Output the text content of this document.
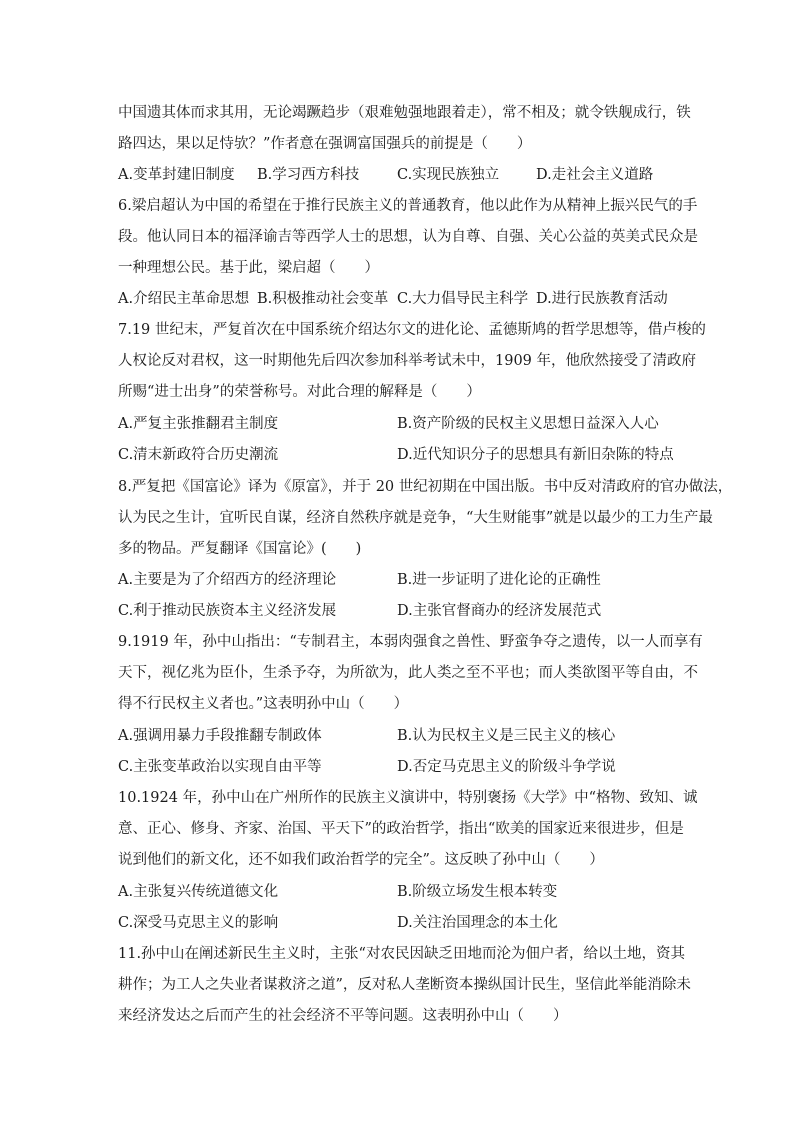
中国遗其体而求其用，无论竭蹶趋步（艰难勉强地跟着走），常不相及；就令铁舰成行，铁
路四达，果以足恃欤？”作者意在强调富国强兵的前提是（　　）
A.变革封建旧制度 B.学习西方科技	C.实现民族独立	D.走社会主义道路
6.梁启超认为中国的希望在于推行民族主义的普通教育，他以此作为从精神上振兴民气的手
段。他认同日本的福泽谕吉等西学人士的思想，认为自尊、自强、关心公益的英美式民众是
一种理想公民。基于此，梁启超（　　）
A.介绍民主革命思想 B.积极推动社会变革 C.大力倡导民主科学 D.进行民族教育活动
7.19 世纪末，严复首次在中国系统介绍达尔文的进化论、孟德斯鸠的哲学思想等，借卢梭的
人权论反对君权，这一时期他先后四次参加科举考试未中，1909 年，他欣然接受了清政府
所赐“进士出身”的荣誉称号。对此合理的解释是（　　）
A.严复主张推翻君主制度	B.资产阶级的民权主义思想日益深入人心
C.清末新政符合历史潮流	D.近代知识分子的思想具有新旧杂陈的特点
8.严复把《国富论》译为《原富》，并于 20 世纪初期在中国出版。书中反对清政府的官办做法，
认为民之生计，宜听民自谋，经济自然秩序就是竞争，“大生财能事”就是以最少的工力生产最
多的物品。严复翻译《国富论》(　　)
A.主要是为了介绍西方的经济理论	B.进一步证明了进化论的正确性
C.利于推动民族资本主义经济发展	D.主张官督商办的经济发展范式
9.1919 年，孙中山指出：“专制君主，本弱肉强食之兽性、野蛮争夺之遗传，以一人而享有
天下，视亿兆为臣仆，生杀予夺，为所欲为，此人类之至不平也；而人类欲图平等自由，不
得不行民权主义者也。”这表明孙中山（　　）
A.强调用暴力手段推翻专制政体	B.认为民权主义是三民主义的核心
C.主张变革政治以实现自由平等	D.否定马克思主义的阶级斗争学说
10.1924 年，孙中山在广州所作的民族主义演讲中，特别褒扬《大学》中“格物、致知、诚
意、正心、修身、齐家、治国、平天下”的政治哲学，指出“欧美的国家近来很进步，但是
说到他们的新文化，还不如我们政治哲学的完全”。这反映了孙中山（　　）
A.主张复兴传统道德文化	B.阶级立场发生根本转变
C.深受马克思主义的影响	D.关注治国理念的本土化
11.孙中山在阐述新民生主义时，主张“对农民因缺乏田地而沦为佃户者，给以土地，资其
耕作；为工人之失业者谋救济之道”，反对私人垄断资本操纵国计民生，坚信此举能消除未
来经济发达之后而产生的社会经济不平等问题。这表明孙中山（　　）
